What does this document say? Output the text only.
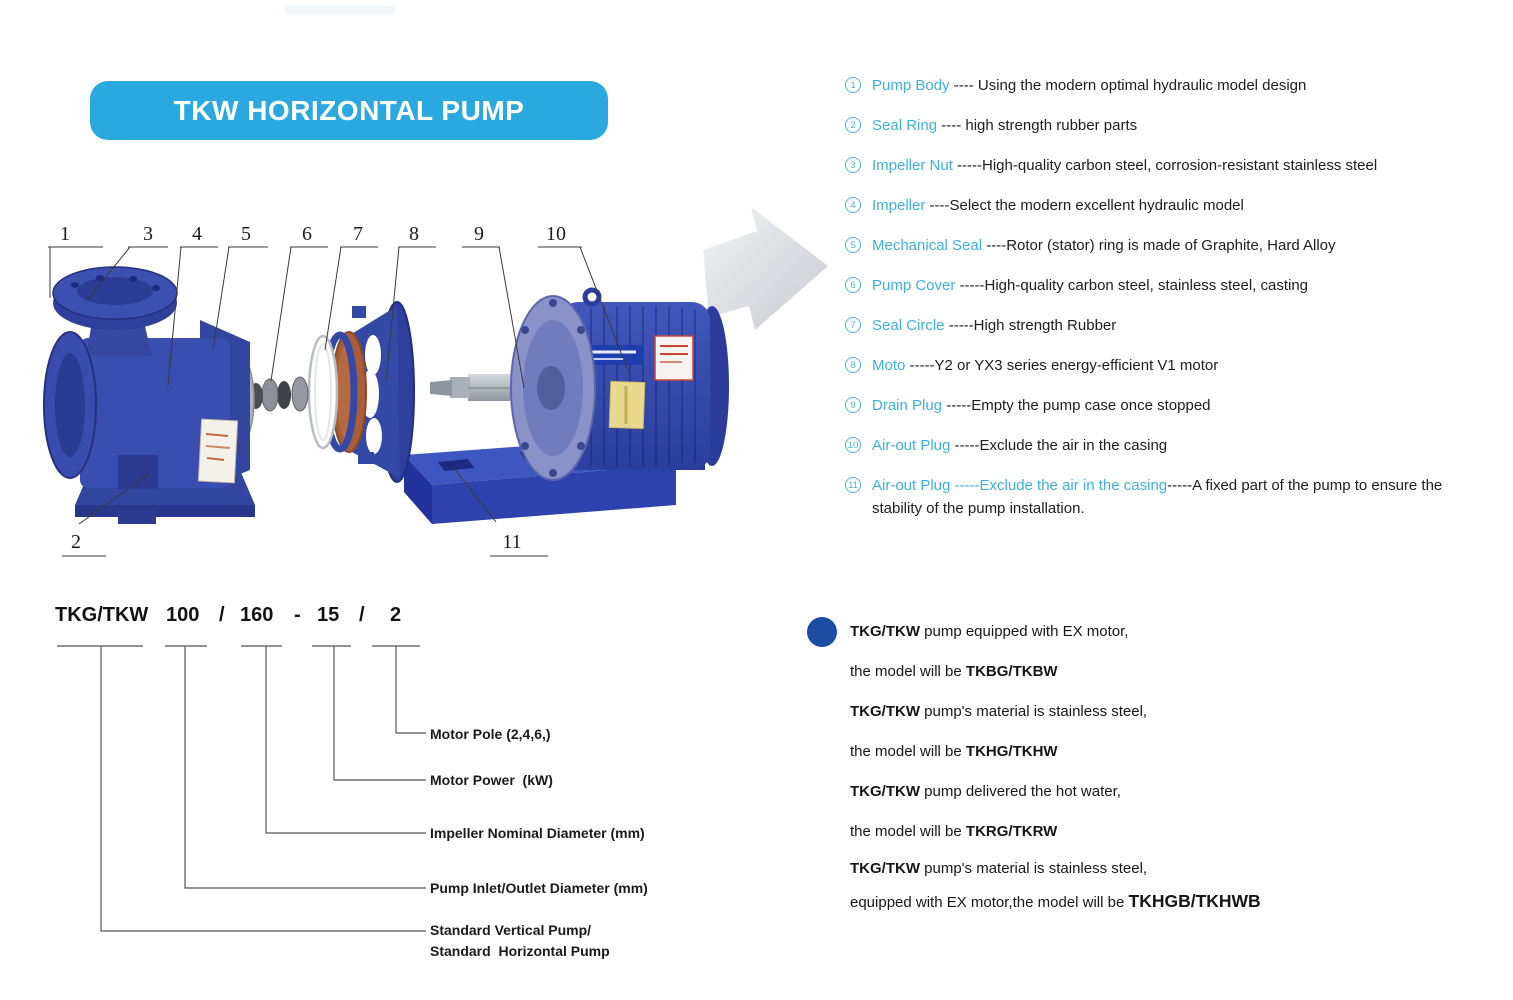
TKW HORIZONTAL PUMP
1	3 4 5	6 7 8	9	10
2	11
TKG/TKW 100 / 160 - 15 / 2
Motor Pole (2,4,6,)
Motor Power  (kW)
Impeller Nominal Diameter (mm)
Pump Inlet/Outlet Diameter (mm)
Standard Vertical Pump/
Standard  Horizontal Pump
1	Pump Body ---- Using the modern optimal hydraulic model design
2	Seal Ring ---- high strength rubber parts
3	Impeller Nut -----High-quality carbon steel, corrosion-resistant stainless steel
4	Impeller ----Select the modern excellent hydraulic model
5	Mechanical Seal ----Rotor (stator) ring is made of Graphite, Hard Alloy
6	Pump Cover -----High-quality carbon steel, stainless steel, casting
7	Seal Circle -----High strength Rubber
8	Moto -----Y2 or YX3 series energy-efficient V1 motor
9	Drain Plug -----Empty the pump case once stopped
10 Air-out Plug -----Exclude the air in the casing
11 Air-out Plug -----Exclude the air in the casing-----A fixed part of the pump to ensure the stability of the pump installation.
TKG/TKW pump equipped with EX motor,
the model will be TKBG/TKBW
TKG/TKW pump's material is stainless steel,
the model will be TKHG/TKHW
TKG/TKW pump delivered the hot water,
the model will be TKRG/TKRW
TKG/TKW pump's material is stainless steel,
equipped with EX motor,the model will be TKHGB/TKHWB
